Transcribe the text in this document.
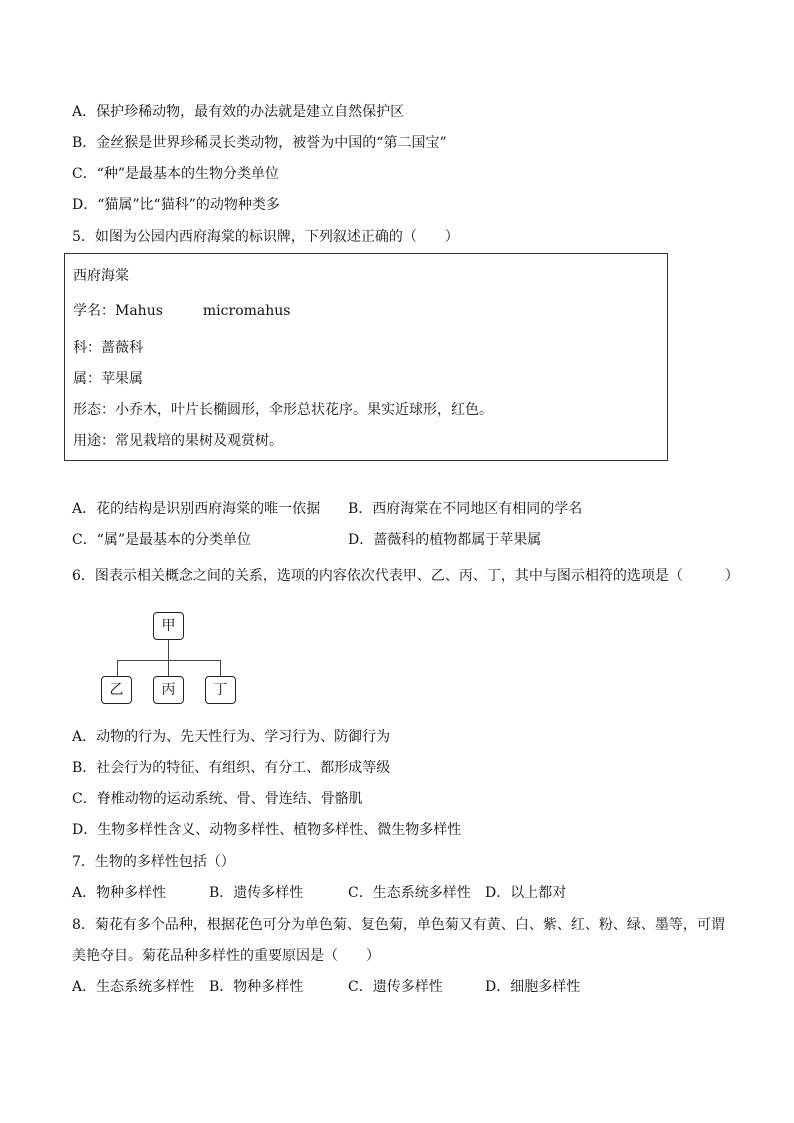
A．保护珍稀动物，最有效的办法就是建立自然保护区
B．金丝猴是世界珍稀灵长类动物，被誉为中国的“第二国宝”
C．“种”是最基本的生物分类单位
D．“猫属”比“猫科”的动物种类多
5．如图为公园内西府海棠的标识牌，下列叙述正确的（　　）
西府海棠
学名：Mahus	micromahus
科：蔷薇科
属：苹果属
形态：小乔木，叶片长椭圆形，伞形总状花序。果实近球形，红色。
用途：常见栽培的果树及观赏树。
A．花的结构是识别西府海棠的唯一依据 B．西府海棠在不同地区有相同的学名
C．“属”是最基本的分类单位	D．蔷薇科的植物都属于苹果属
6．图表示相关概念之间的关系，选项的内容依次代表甲、乙、丙、丁，其中与图示相符的选项是（　　　）
甲
乙	丙	丁
A．动物的行为、先天性行为、学习行为、防御行为
B．社会行为的特征、有组织、有分工、都形成等级
C．脊椎动物的运动系统、骨、骨连结、骨骼肌
D．生物多样性含义、动物多样性、植物多样性、微生物多样性
7．生物的多样性包括（）
A．物种多样性	B．遗传多样性	C．生态系统多样性 D．以上都对
8．菊花有多个品种，根据花色可分为单色菊、复色菊，单色菊又有黄、白、紫、红、粉、绿、墨等，可谓
美艳夺目。菊花品种多样性的重要原因是（　　）
A．生态系统多样性 B．物种多样性	C．遗传多样性	D．细胞多样性
